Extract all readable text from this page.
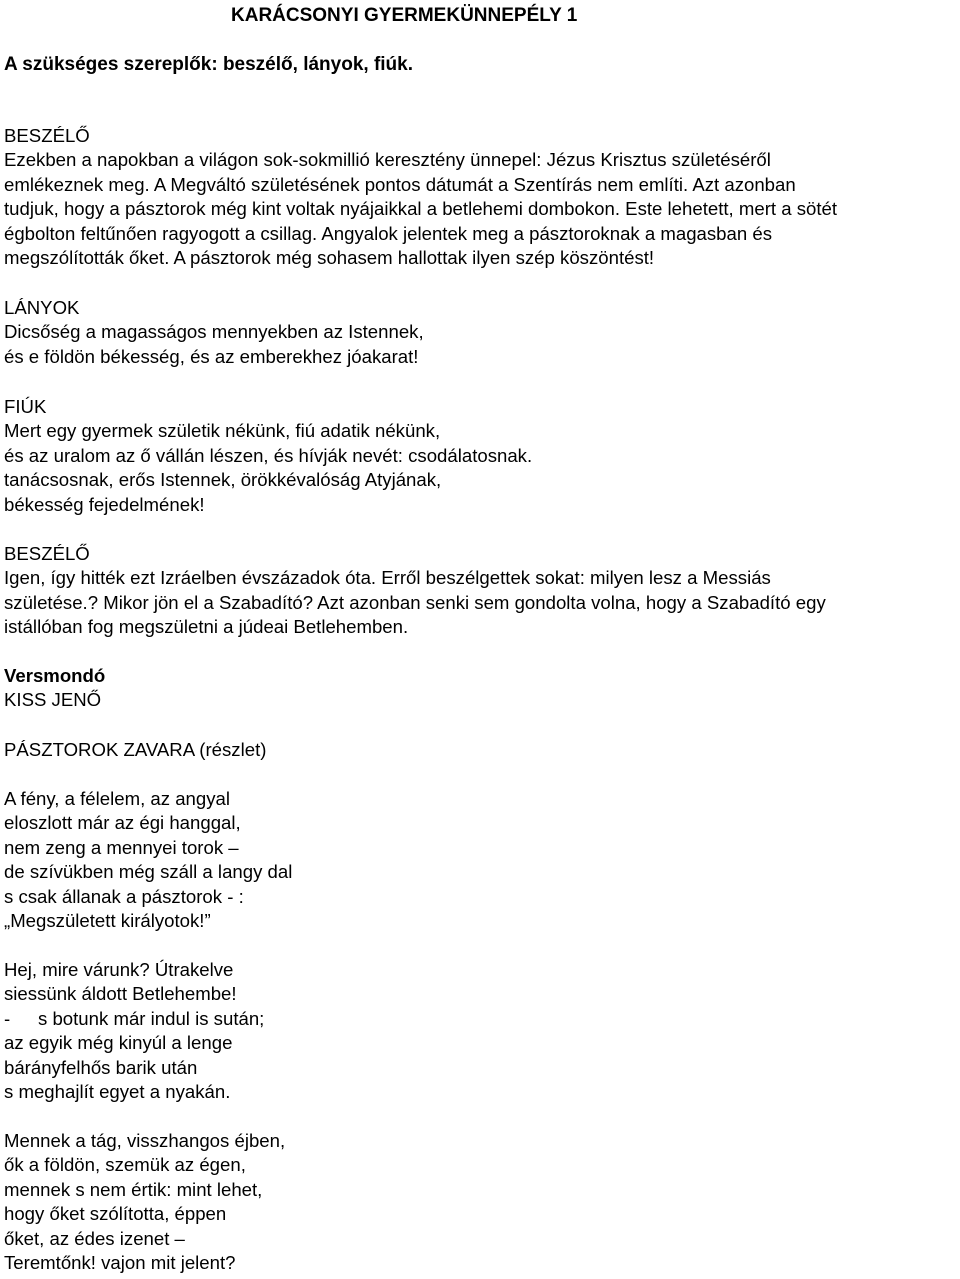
KARÁCSONYI GYERMEKÜNNEPÉLY 1
A szükséges szereplők: beszélő, lányok, fiúk.
BESZÉLŐ
Ezekben a napokban a világon sok-sokmillió keresztény ünnepel: Jézus Krisztus születéséről
emlékeznek meg. A Megváltó születésének pontos dátumát a Szentírás nem említi. Azt azonban
tudjuk, hogy a pásztorok még kint voltak nyájaikkal a betlehemi dombokon. Este lehetett, mert a sötét
égbolton feltűnően ragyogott a csillag. Angyalok jelentek meg a pásztoroknak a magasban és
megszólították őket. A pásztorok még sohasem hallottak ilyen szép köszöntést!
LÁNYOK
Dicsőség a magasságos mennyekben az Istennek,
és e földön békesség, és az emberekhez jóakarat!
FIÚK
Mert egy gyermek születik nékünk, fiú adatik nékünk,
és az uralom az ő vállán lészen, és hívják nevét: csodálatosnak.
tanácsosnak, erős Istennek, örökkévalóság Atyjának,
békesség fejedelmének!
BESZÉLŐ
Igen, így hitték ezt Izráelben évszázadok óta. Erről beszélgettek sokat: milyen lesz a Messiás
születése.? Mikor jön el a Szabadító? Azt azonban senki sem gondolta volna, hogy a Szabadító egy
istállóban fog megszületni a júdeai Betlehemben.
Versmondó
KISS JENŐ
PÁSZTOROK ZAVARA (részlet)
A fény, a félelem, az angyal
eloszlott már az égi hanggal,
nem zeng a mennyei torok –
de szívükben még száll a langy dal
s csak állanak a pásztorok - :
„Megszületett királyotok!”
Hej, mire várunk? Útrakelve
siessünk áldott Betlehembe!
- s botunk már indul is sután;
az egyik még kinyúl a lenge
bárányfelhős barik után
s meghajlít egyet a nyakán.
Mennek a tág, visszhangos éjben,
ők a földön, szemük az égen,
mennek s nem értik: mint lehet,
hogy őket szólította, éppen
őket, az édes izenet –
Teremtőnk! vajon mit jelent?
